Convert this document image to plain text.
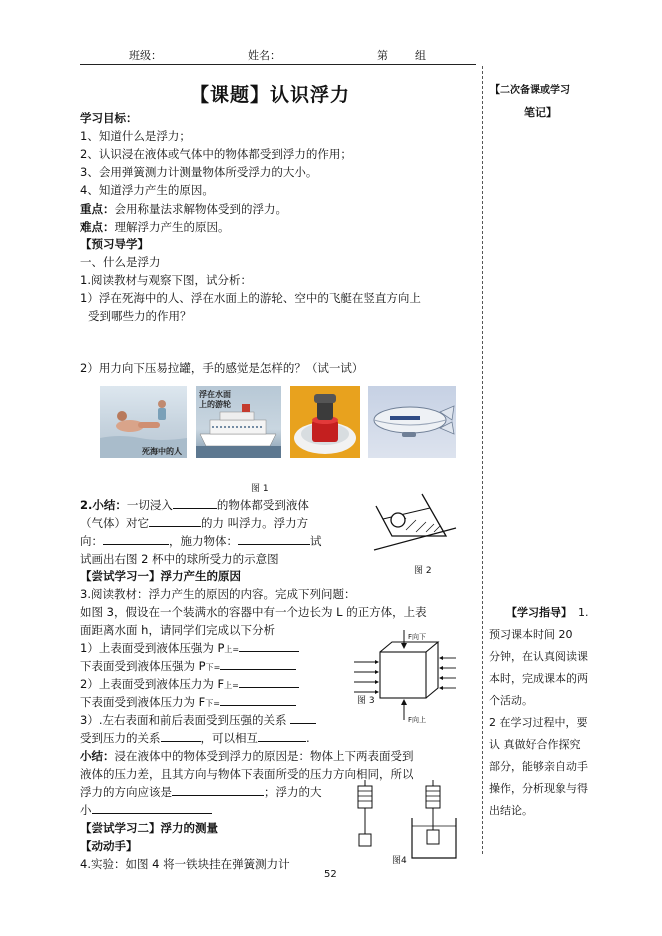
班级：	姓名：	第 组
【课题】认识浮力
学习目标：
1、知道什么是浮力；
2、认识浸在液体或气体中的物体都受到浮力的作用；
3、会用弹簧测力计测量物体所受浮力的大小。
4、知道浮力产生的原因。
重点：会用称量法求解物体受到的浮力。
难点：理解浮力产生的原因。
【预习导学】
一、什么是浮力
1.阅读教材与观察下图，试分析：
1）浮在死海中的人、浮在水面上的游轮、空中的飞艇在竖直方向上
受到哪些力的作用？
2）用力向下压易拉罐，手的感觉是怎样的？（试一试）
死海中的人
浮在水面
上的游轮
图 1
2.小结：一切浸入	的物体都受到液体
（气体）对它	的力 叫浮力。浮力方
向：	，施力物体：	试
试画出右图 2 杯中的球所受力的示意图
图 2
【尝试学习一】浮力产生的原因
3.阅读教材：浮力产生的原因的内容。完成下列问题：
如图 3，假设在一个装满水的容器中有一个边长为 L 的正方体，上表
面距离水面 h，请同学们完成以下分析
1）上表面受到液体压强为 P上=
下表面受到液体压强为 P下=
2）上表面受到液体压力为 F上=
下表面受到液体压力为 F下=
3）.左右表面和前后表面受到压强的关系
受到压力的关系	，可以相互	.
F向下
F向上
图 3
小结：浸在液体中的物体受到浮力的原因是：物体上下两表面受到
液体的压力差，且其方向与物体下表面所受的压力方向相同，所以
浮力的方向应该是	；浮力的大
小
【尝试学习二】浮力的测量
【动动手】
4.实验：如图 4 将一铁块挂在弹簧测力计	图4
52
【二次备课或学习
笔记】
【学习指导】 1.
预习课本时间 20
分钟，在认真阅读课
本时，完成课本的两
个活动。
2 在学习过程中，要
认 真做好合作探究
部分，能够亲自动手
操作，分析现象与得
出结论。
